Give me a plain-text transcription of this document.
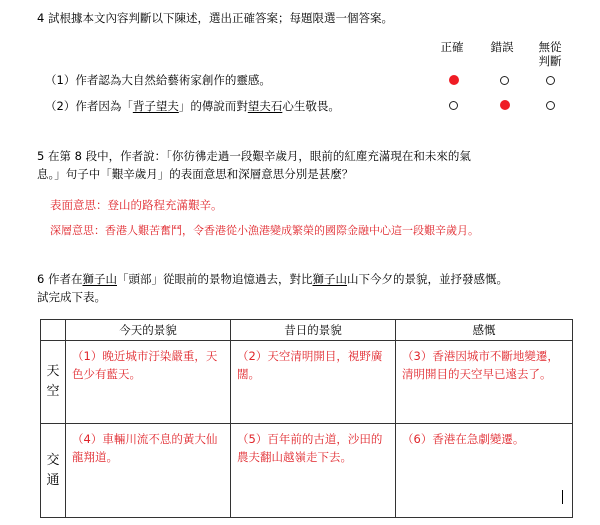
4 試根據本文內容判斷以下陳述，選出正確答案；每題限選一個答案。
正確 錯誤 無從
判斷
（1）作者認為大自然給藝術家創作的靈感。
（2）作者因為「背子望夫」的傳說而對望夫石心生敬畏。
5 在第 8 段中，作者說：「你彷彿走過一段艱辛歲月，眼前的紅塵充滿現在和未來的氣
息。」句子中「艱辛歲月」的表面意思和深層意思分別是甚麼？
表面意思：登山的路程充滿艱辛。
深層意思：香港人艱苦奮鬥，令香港從小漁港變成繁榮的國際金融中心這一段艱辛歲月。
6 作者在獅子山「頭部」從眼前的景物追憶過去，對比獅子山山下今夕的景貌，並抒發感慨。
試完成下表。
	今天的景貌	昔日的景貌	感慨

天空	（1）晚近城市汙染嚴重，天色少有藍天。	（2）天空清明開目，視野廣闊。	（3）香港因城市不斷地變遷，清明開目的天空早已遠去了。

交通	（4）車輛川流不息的黃大仙龍翔道。	（5）百年前的古道，沙田的農夫翻山越嶺走下去。	（6）香港在急劇變遷。
